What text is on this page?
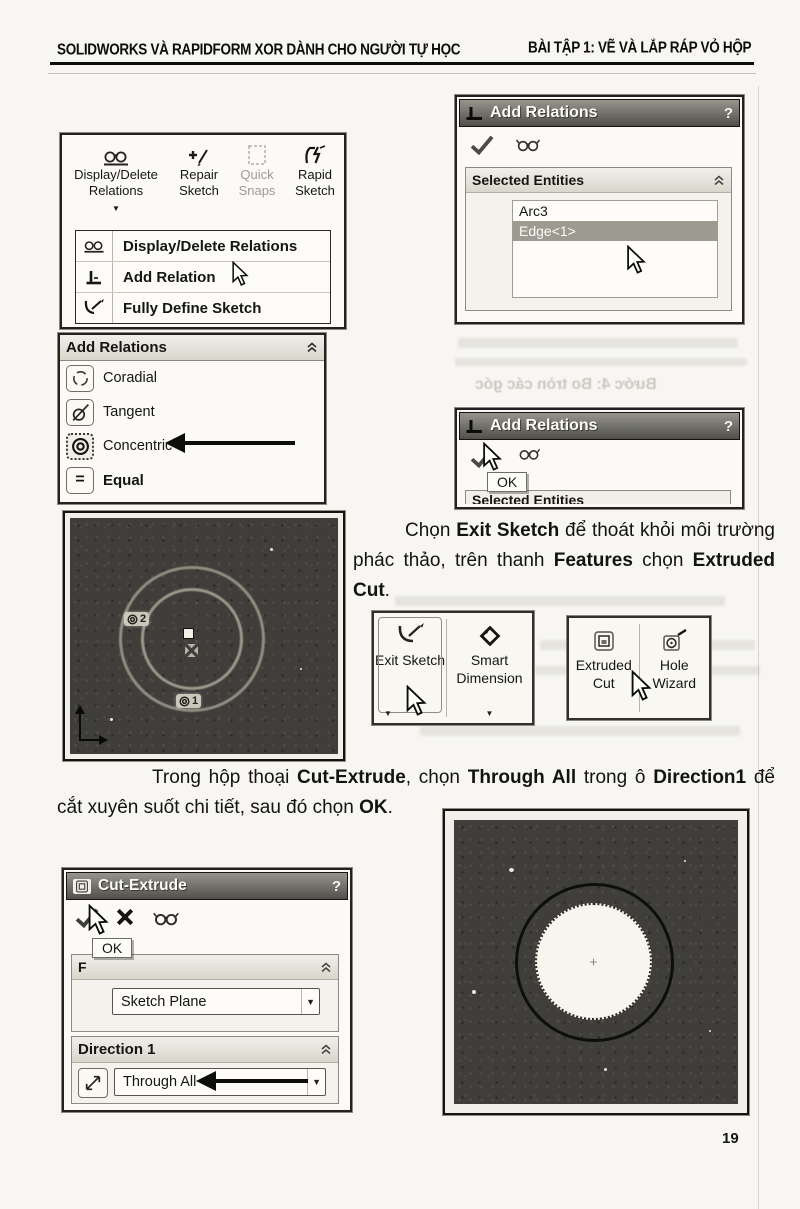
SOLIDWORKS VÀ RAPIDFORM XOR DÀNH CHO NGƯỜI TỰ HỌC	BÀI TẬP 1: VẼ VÀ LẮP RÁP VỎ HỘP
Bước 4: Bo tròn các góc
Display/Delete Relations
▼
Repair Sketch
Quick Snaps
Rapid Sketch
Display/Delete Relations
Add Relation
Fully Define Sketch
Add Relations	?
Selected Entities
Arc3
Edge<1>
Add Relations
Coradial
Tangent
Concentric
=	Equal
Add Relations	?
OK
Selected Entities
Chọn Exit Sketch để thoát khỏi môi trường phác thảo, trên thanh Features chọn Extruded Cut.
2
1
Exit Sketch
▼
Smart Dimension
▼
Extruded Cut
Hole Wizard
Trong hộp thoại Cut-Extrude, chọn Through All trong ô Direction1 để cắt xuyên suốt chi tiết, sau đó chọn OK.
Cut-Extrude	?
F
Sketch Plane	▼
OK
Direction 1
Through All	▼
+
19
